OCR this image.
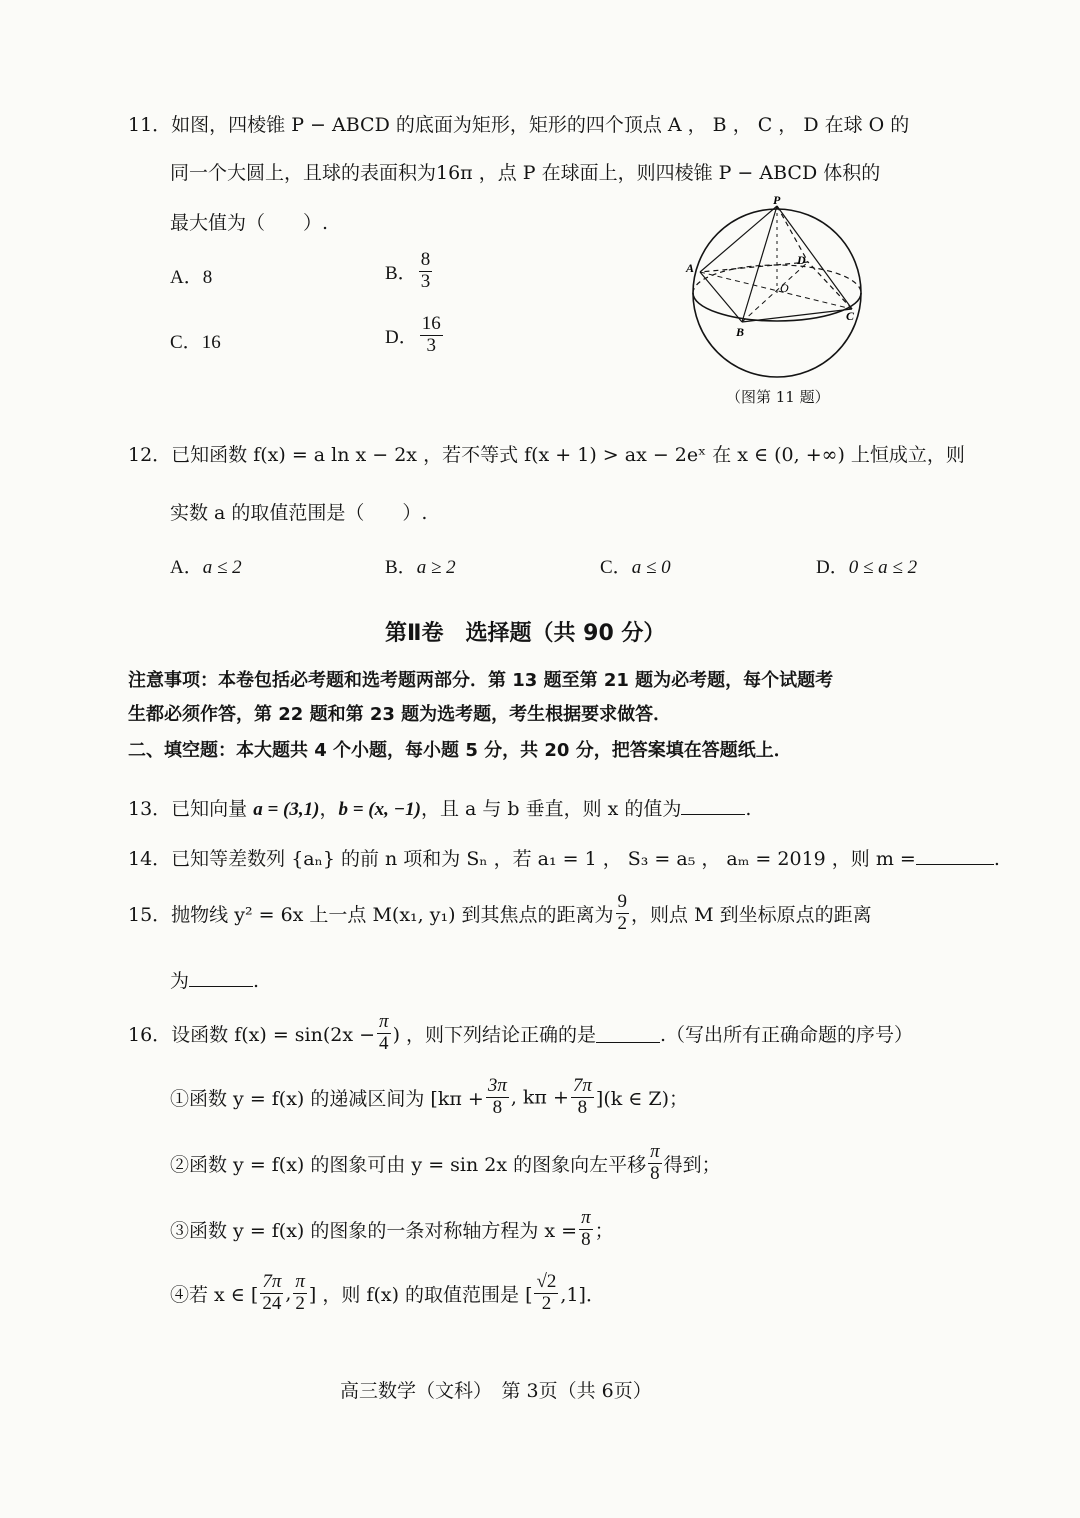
11．如图，四棱锥 P − ABCD 的底面为矩形，矩形的四个顶点 A ， B ， C ， D 在球 O 的
同一个大圆上，且球的表面积为16π ，点 P 在球面上，则四棱锥 P − ABCD 体积的
最大值为（　　）.
A．8	B． $\frac{8}{3}$
C．16	D． $\frac{16}{3}$
P
A
B
C
D
O
（图第 11 题）
12．已知函数 f(x) = a ln x − 2x ，若不等式 f(x + 1) > ax − 2eˣ 在 x ∈ (0, +∞) 上恒成立，则
实数 a 的取值范围是（　　）.
A．a ≤ 2	B．a ≥ 2	C．a ≤ 0	D．0 ≤ a ≤ 2
第Ⅱ卷　选择题（共 90 分）
注意事项：本卷包括必考题和选考题两部分．第 13 题至第 21 题为必考题，每个试题考
生都必须作答，第 22 题和第 23 题为选考题，考生根据要求做答．
二、填空题：本大题共 4 个小题，每小题 5 分，共 20 分，把答案填在答题纸上．
13．已知向量 a = (3,1)，b = (x, −1)，且 a 与 b 垂直，则 x 的值为	.
14．已知等差数列 {aₙ} 的前 n 项和为 Sₙ ，若 a₁ = 1 ， S₃ = a₅ ， aₘ = 2019 ，则 m =	.
15．抛物线 y² = 6x 上一点 M(x₁, y₁) 到其焦点的距离为 $\frac{9}{2}$ ，则点 M 到坐标原点的距离
为	.
16．设函数 $f(x) = \sin(2x - \frac{\pi}{4}$ ) ，则下列结论正确的是	.（写出所有正确命题的序号）
①函数 y = f(x) 的递减区间为 [$k\pi + \frac{3\pi}{8}$ , $k\pi + \frac{7\pi}{8} ](k$ ∈ Z)；
②函数 y = f(x) 的图象可由 y = sin 2x 的图象向左平移 $\frac{\pi}{8}$ 得到；
③函数 y = f(x) 的图象的一条对称轴方程为 $x = \frac{\pi}{8}$ ；
④若 x ∈ [ $\frac{7\pi}{24}$ , $\frac{\pi}{2}$ ] ，则 f(x) 的取值范围是 [ $\frac{√2}{2} ,1$]．
高三数学（文科）　第 3页（共 6页）
